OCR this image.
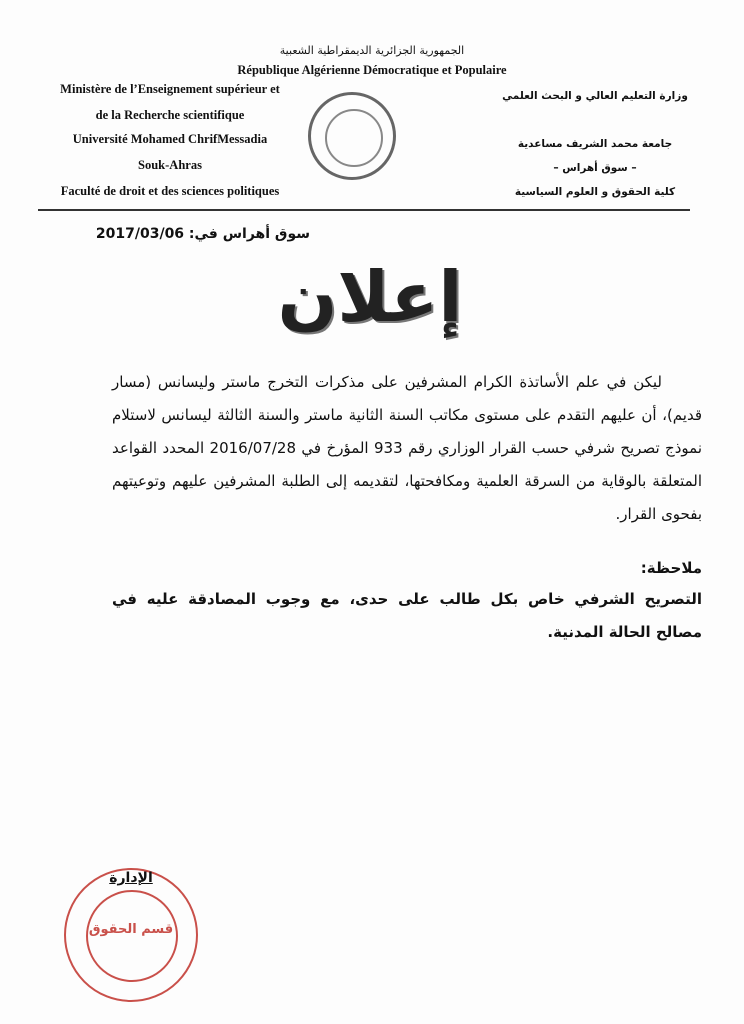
الجمهورية الجزائرية الديمقراطية الشعبية
République Algérienne Démocratique et Populaire
Ministère de l’Enseignement supérieur et
de la Recherche scientifique
Université Mohamed ChrifMessadia
Souk-Ahras
Faculté de droit et des sciences politiques
وزارة التعليم العالي و البحث العلمي
جامعة محمد الشريف مساعدية
– سوق أهراس –
كلية الحقوق و العلوم السياسية
سوق أهراس في: 2017/03/06
إعلان

ليكن في علم الأساتذة الكرام المشرفين على مذكرات التخرج ماستر وليسانس (مسار قديم)، أن عليهم التقدم على مستوى مكاتب السنة الثانية ماستر والسنة الثالثة ليسانس لاستلام نموذج تصريح شرفي حسب القرار الوزاري رقم 933 المؤرخ في 2016/07/28 المحدد القواعد المتعلقة بالوقاية من السرقة العلمية ومكافحتها، لتقديمه إلى الطلبة المشرفين عليهم وتوعيتهم بفحوى القرار.

ملاحظة:
التصريح الشرفي خاص بكل طالب على حدى، مع وجوب المصادقة عليه في مصالح الحالة المدنية.
قسم الحقوق
الإدارة
